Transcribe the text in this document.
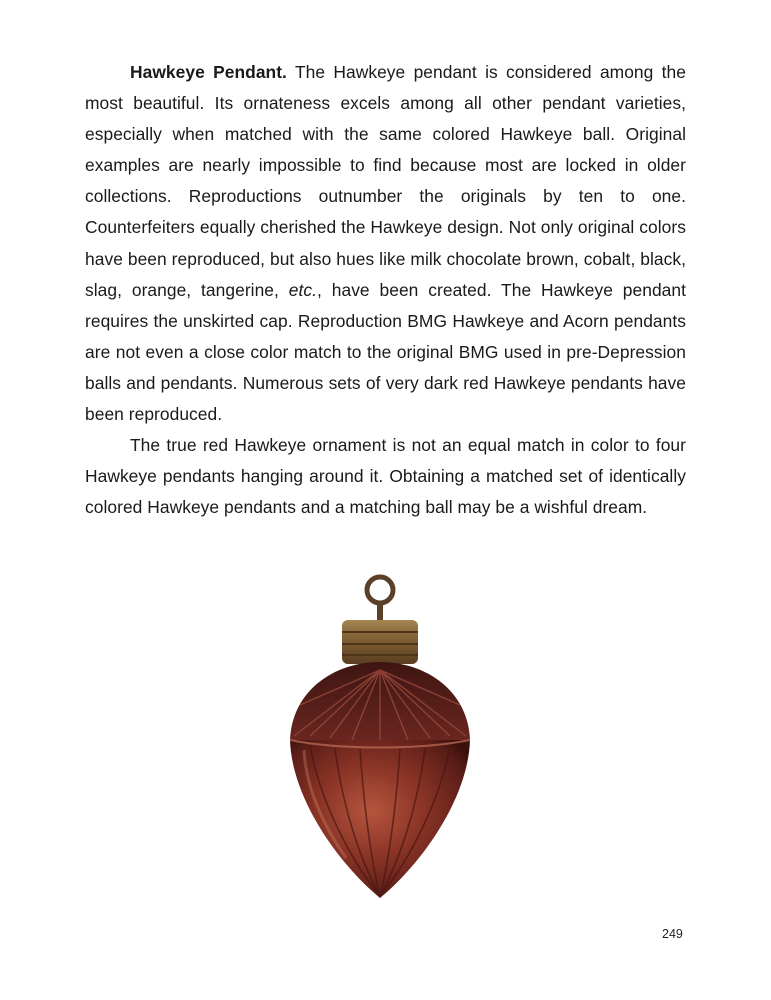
Hawkeye Pendant. The Hawkeye pendant is considered among the most beautiful. Its ornateness excels among all other pendant varieties, especially when matched with the same colored Hawkeye ball. Original examples are nearly impossible to find because most are locked in older collections. Reproductions outnumber the originals by ten to one. Counterfeiters equally cherished the Hawkeye design. Not only original colors have been reproduced, but also hues like milk chocolate brown, cobalt, black, slag, orange, tangerine, etc., have been created. The Hawkeye pendant requires the unskirted cap. Reproduction BMG Hawkeye and Acorn pendants are not even a close color match to the original BMG used in pre-Depression balls and pendants. Numerous sets of very dark red Hawkeye pendants have been reproduced.

The true red Hawkeye ornament is not an equal match in color to four Hawkeye pendants hanging around it. Obtaining a matched set of identically colored Hawkeye pendants and a matching ball may be a wishful dream.

249
